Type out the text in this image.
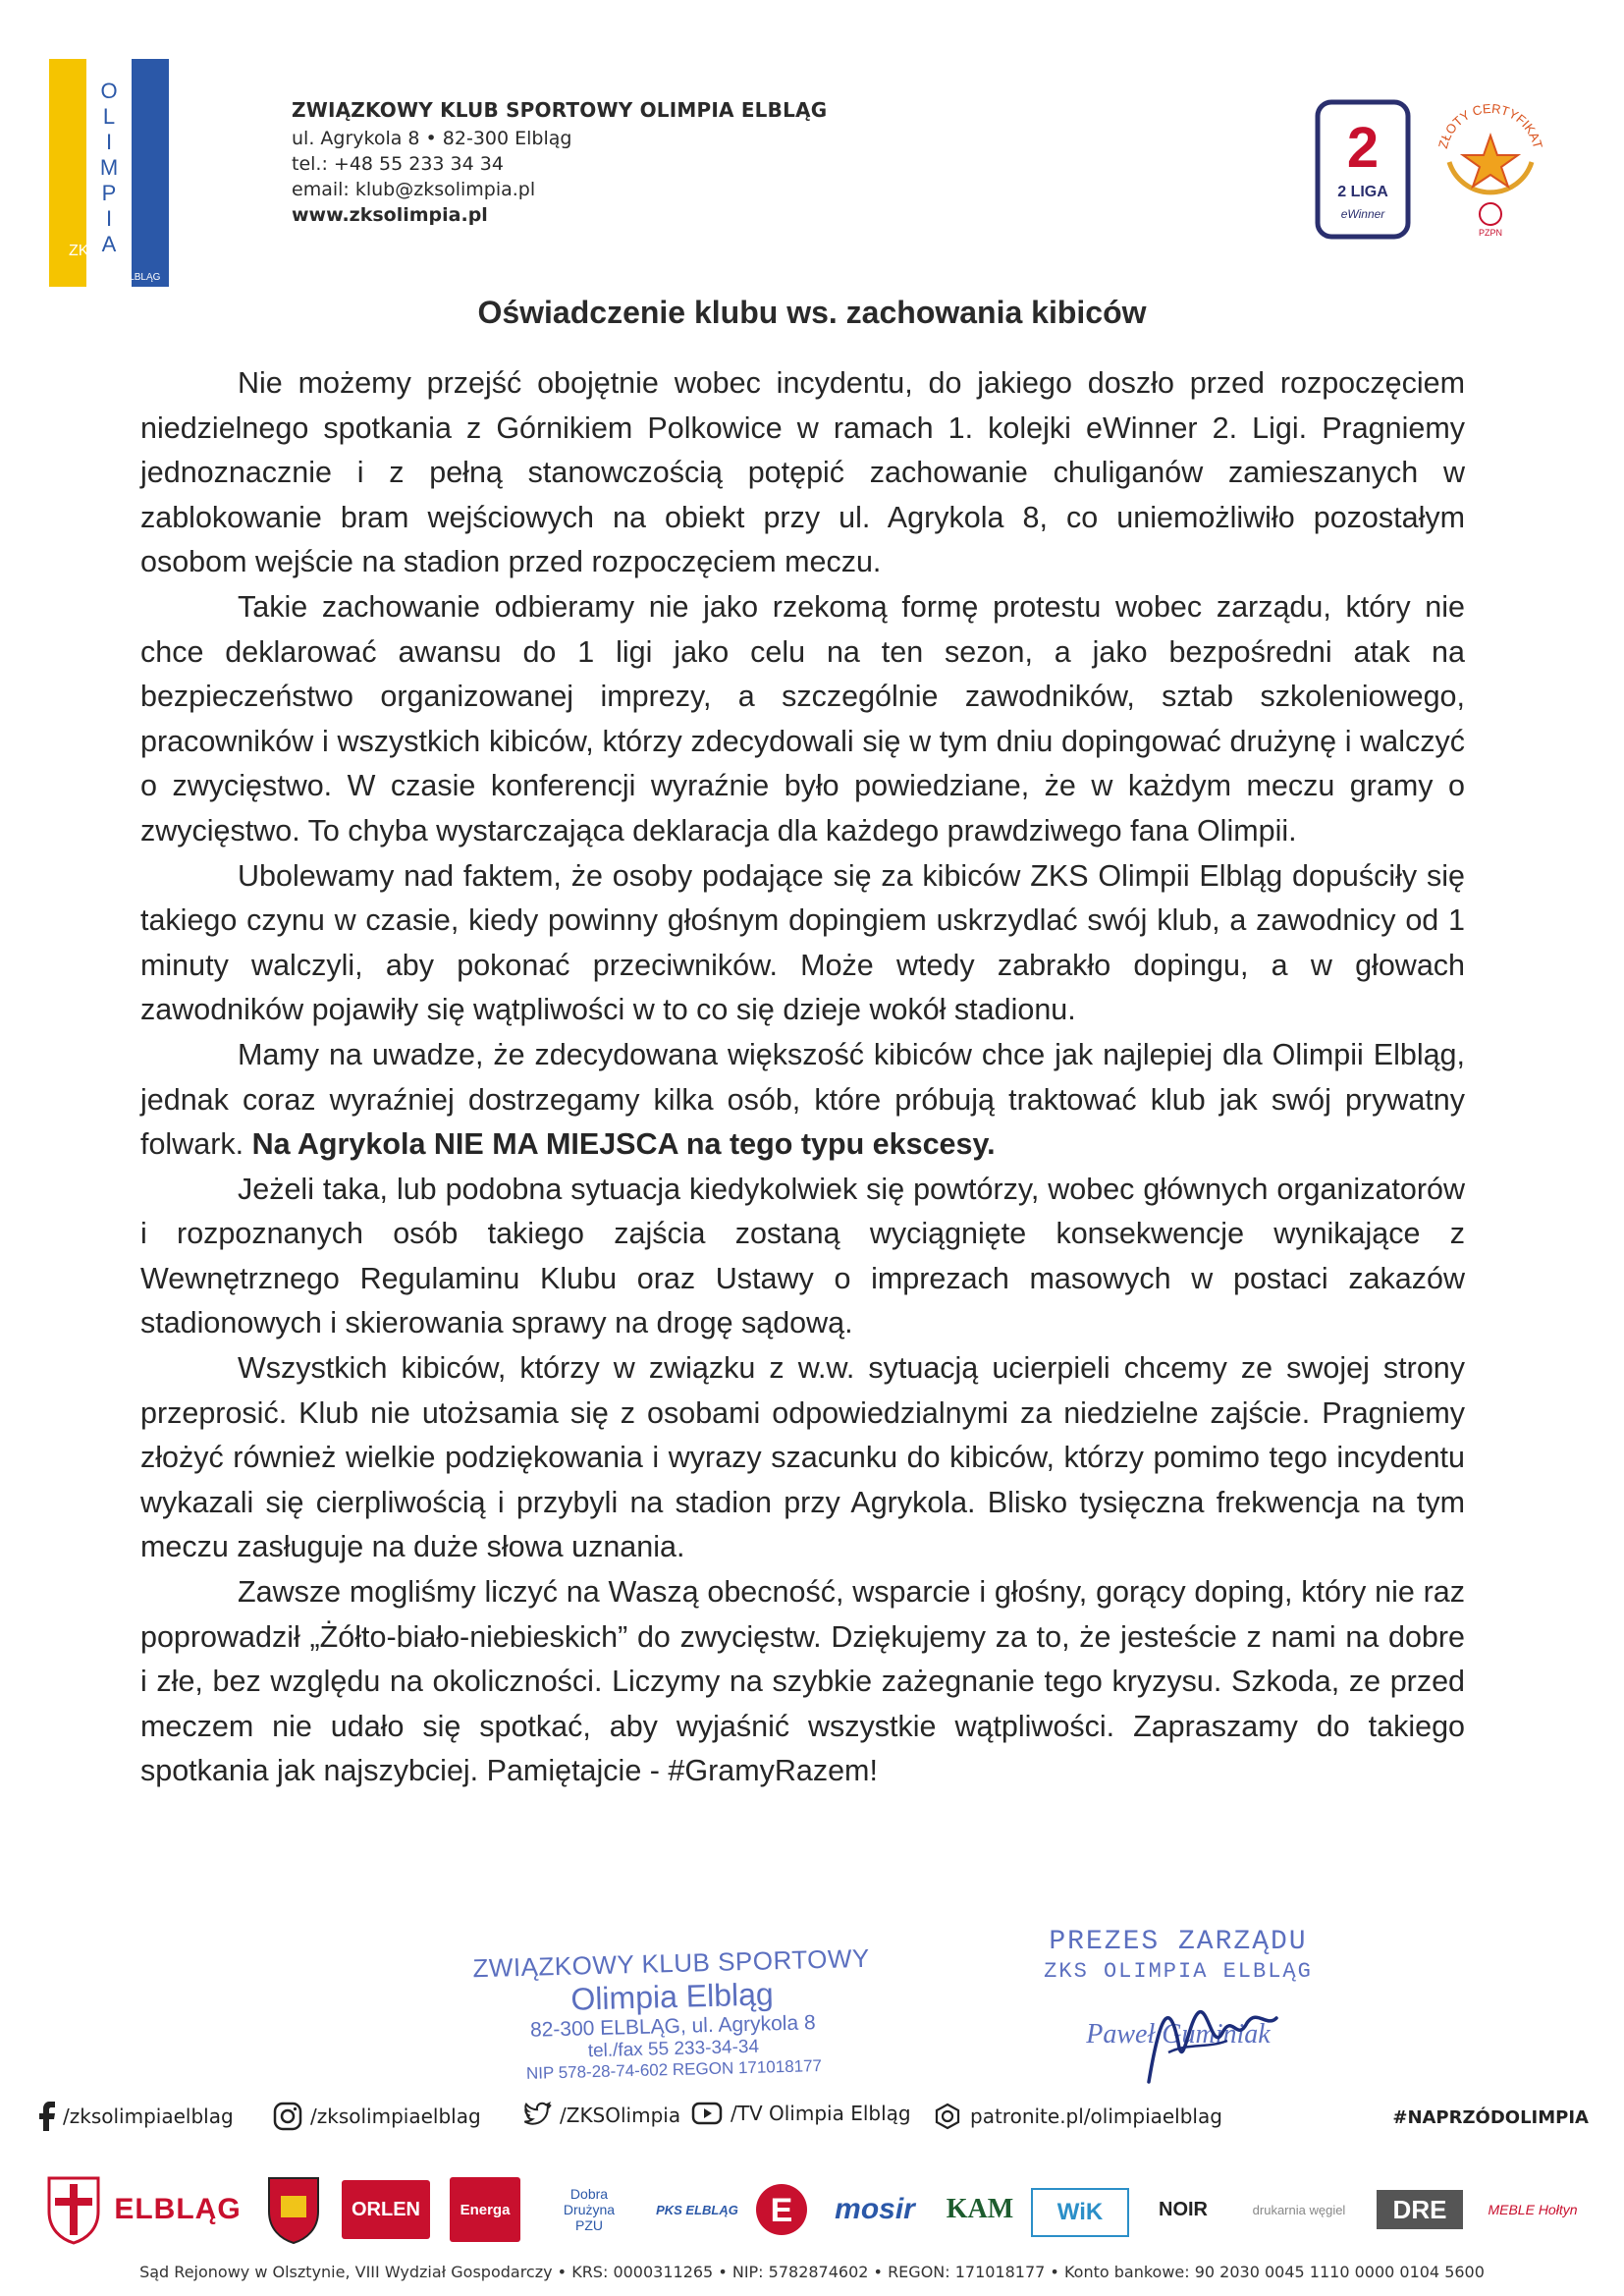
O
L
I
M
P
I
A
ZKS
ELBLĄG
ZWIĄZKOWY KLUB SPORTOWY OLIMPIA ELBLĄG
ul. Agrykola 8 • 82-300 Elbląg
tel.: +48 55 233 34 34
email: klub@zksolimpia.pl
www.zksolimpia.pl
2
2 LIGA
eWinner
ZŁOTY CERTYFIKAT
PZPN
Oświadczenie klubu ws. zachowania kibiców

Nie możemy przejść obojętnie wobec incydentu, do jakiego doszło przed rozpoczęciem niedzielnego spotkania z Górnikiem Polkowice w ramach 1. kolejki eWinner 2. Ligi. Pragniemy jednoznacznie i z pełną stanowczością potępić zachowanie chuliganów zamieszanych w zablokowanie bram wejściowych na obiekt przy ul. Agrykola 8, co uniemożliwiło pozostałym osobom wejście na stadion przed rozpoczęciem meczu.

Takie zachowanie odbieramy nie jako rzekomą formę protestu wobec zarządu, który nie chce deklarować awansu do 1 ligi jako celu na ten sezon, a jako bezpośredni atak na bezpieczeństwo organizowanej imprezy, a szczególnie zawodników, sztab szkoleniowego, pracowników i wszystkich kibiców, którzy zdecydowali się w tym dniu dopingować drużynę i walczyć o zwycięstwo. W czasie konferencji wyraźnie było powiedziane, że w każdym meczu gramy o zwycięstwo. To chyba wystarczająca deklaracja dla każdego prawdziwego fana Olimpii.

Ubolewamy nad faktem, że osoby podające się za kibiców ZKS Olimpii Elbląg dopuściły się takiego czynu w czasie, kiedy powinny głośnym dopingiem uskrzydlać swój klub, a zawodnicy od 1 minuty walczyli, aby pokonać przeciwników. Może wtedy zabrakło dopingu, a w głowach zawodników pojawiły się wątpliwości w to co się dzieje wokół stadionu.

Mamy na uwadze, że zdecydowana większość kibiców chce jak najlepiej dla Olimpii Elbląg, jednak coraz wyraźniej dostrzegamy kilka osób, które próbują traktować klub jak swój prywatny folwark. Na Agrykola NIE MA MIEJSCA na tego typu ekscesy.

Jeżeli taka, lub podobna sytuacja kiedykolwiek się powtórzy, wobec głównych organizatorów i rozpoznanych osób takiego zajścia zostaną wyciągnięte konsekwencje wynikające z Wewnętrznego Regulaminu Klubu oraz Ustawy o imprezach masowych w postaci zakazów stadionowych i skierowania sprawy na drogę sądową.

Wszystkich kibiców, którzy w związku z w.w. sytuacją ucierpieli chcemy ze swojej strony przeprosić. Klub nie utożsamia się z osobami odpowiedzialnymi za niedzielne zajście. Pragniemy złożyć również wielkie podziękowania i wyrazy szacunku do kibiców, którzy pomimo tego incydentu wykazali się cierpliwością i przybyli na stadion przy Agrykola. Blisko tysięczna frekwencja na tym meczu zasługuje na duże słowa uznania.

Zawsze mogliśmy liczyć na Waszą obecność, wsparcie i głośny, gorący doping, który nie raz poprowadził „Żółto-biało-niebieskich” do zwycięstw. Dziękujemy za to, że jesteście z nami na dobre i złe, bez względu na okoliczności. Liczymy na szybkie zażegnanie tego kryzysu. Szkoda, ze przed meczem nie udało się spotkać, aby wyjaśnić wszystkie wątpliwości. Zapraszamy do takiego spotkania jak najszybciej. Pamiętajcie - #GramyRazem!

ZWIĄZKOWY KLUB SPORTOWY
Olimpia Elbląg
82-300 ELBLĄG, ul. Agrykola 8
tel./fax 55 233-34-34
NIP 578-28-74-602 REGON 171018177
PREZES ZARZĄDU
ZKS OLIMPIA ELBLĄG
Paweł Guminiak
/zksolimpiaelblag	/zksolimpiaelblag	/ZKSOlimpia	/TV Olimpia Elbląg	patronite.pl/olimpiaelblag	#NAPRZÓDOLIMPIA
ELBLĄG	ORLEN	Energa
Dobra
Drużyna
PZU
PKS ELBLĄG E	mosir	KAM	WiK	NOIR	drukarnia węgiel	DRE	MEBLE Hołtyn
Sąd Rejonowy w Olsztynie, VIII Wydział Gospodarczy • KRS: 0000311265 • NIP: 5782874602 • REGON: 171018177 • Konto bankowe: 90 2030 0045 1110 0000 0104 5600
